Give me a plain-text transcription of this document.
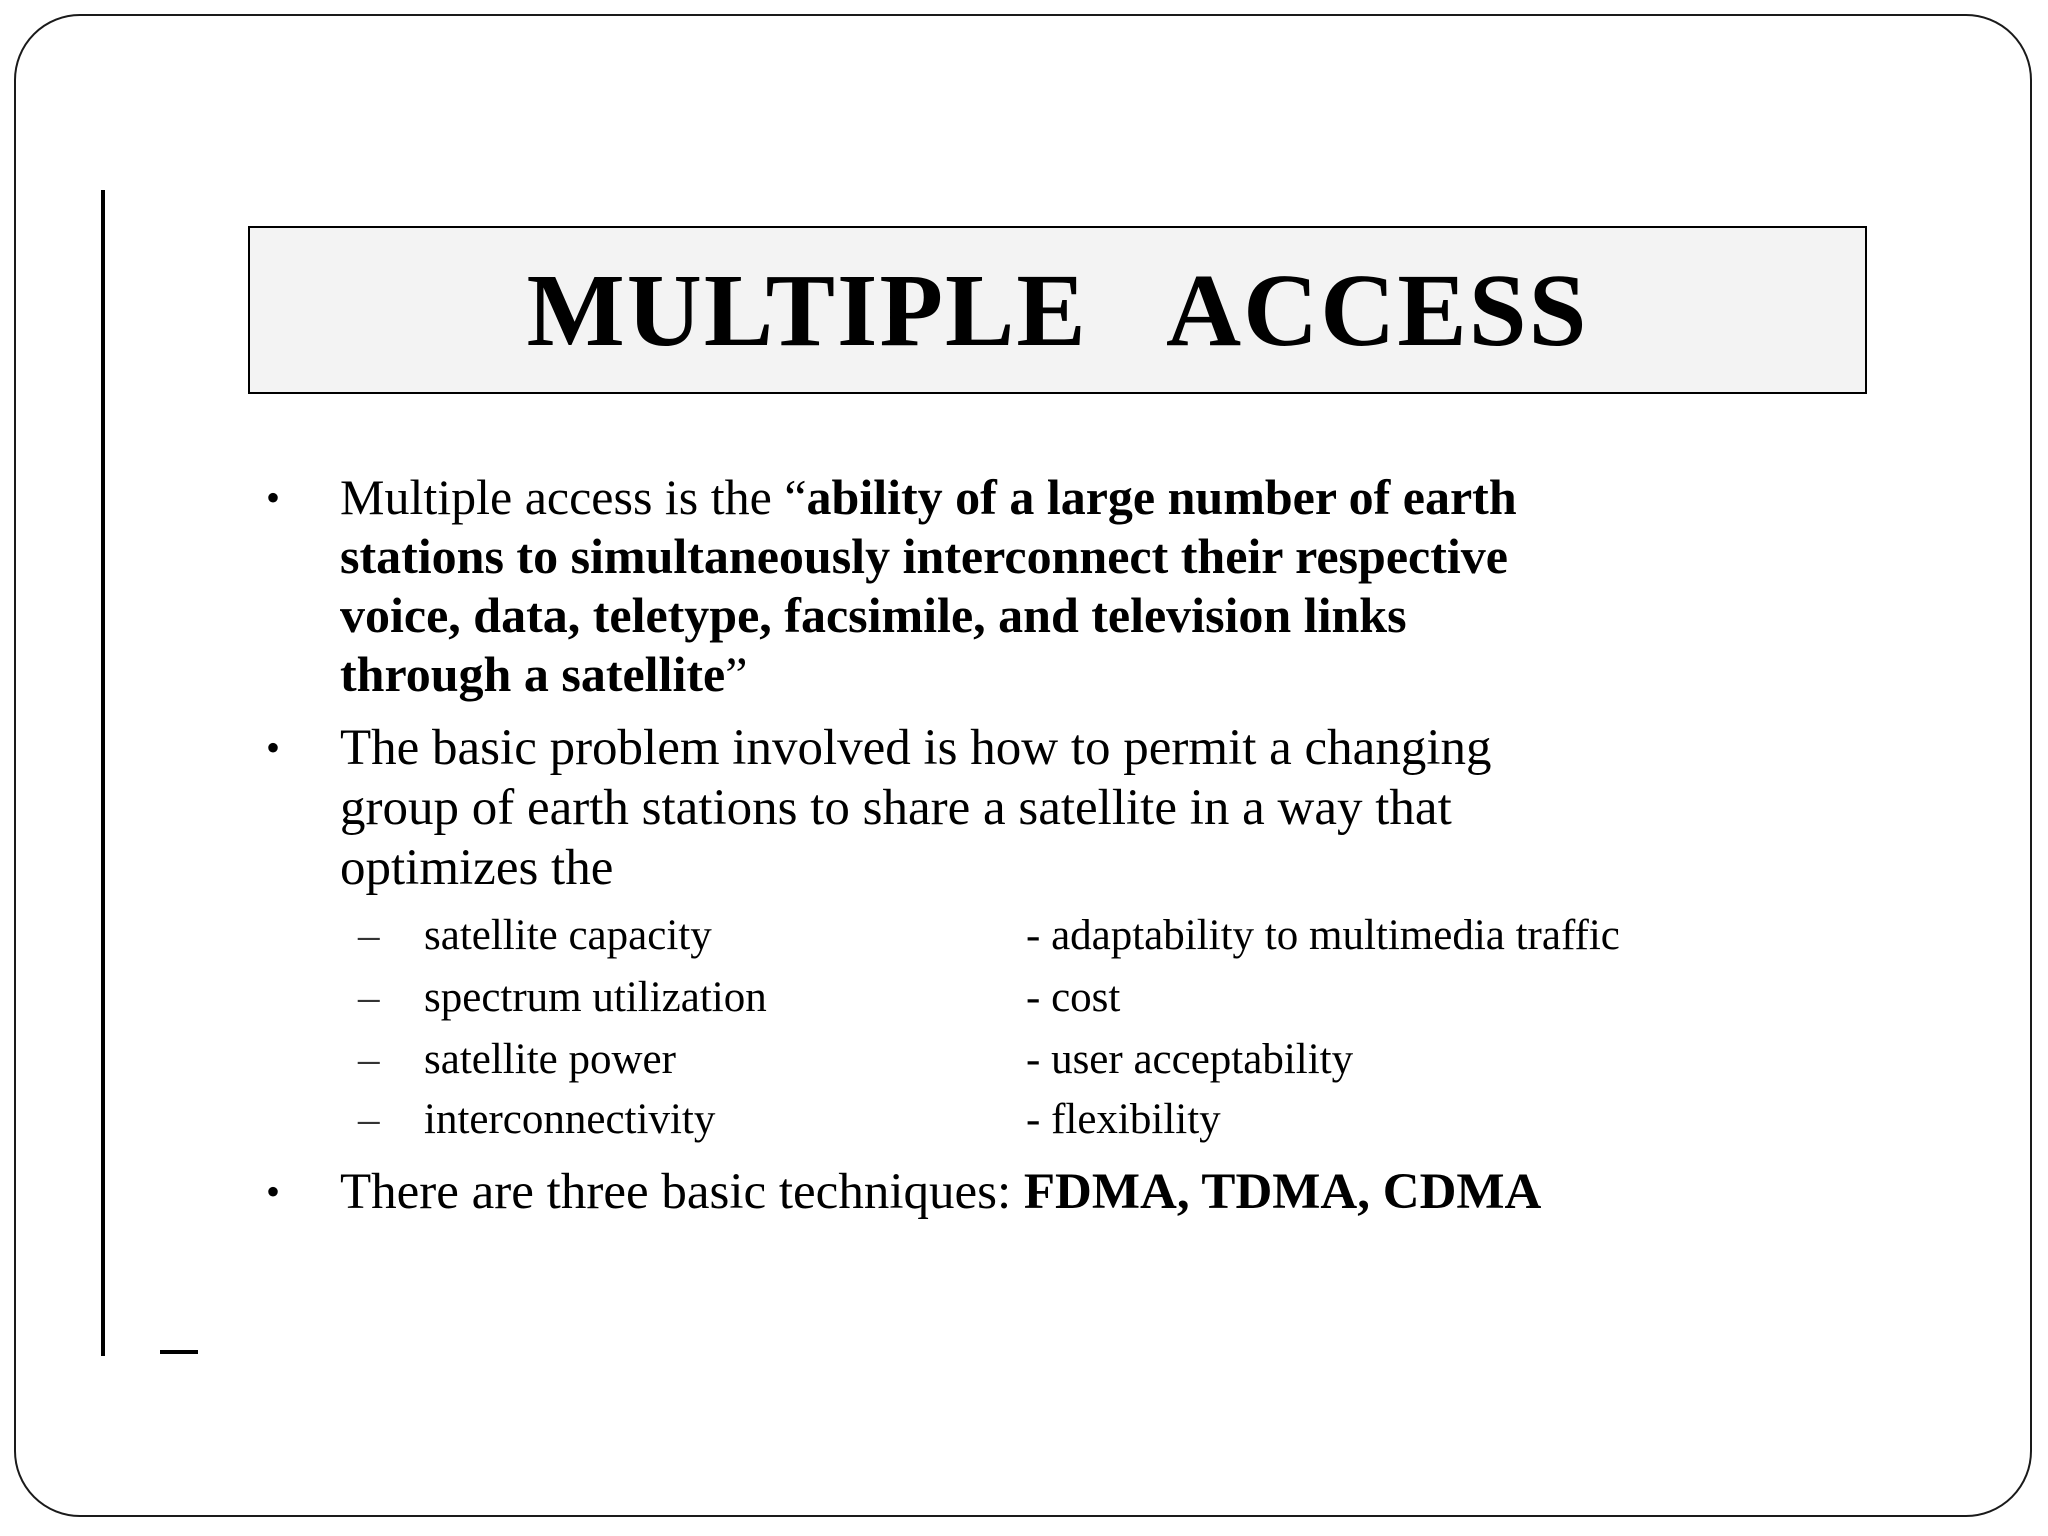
MULTIPLE   ACCESS
• Multiple access is the “ability of a large number of earth
stations to simultaneously interconnect their respective
voice, data, teletype, facsimile, and television links
through a satellite”
• The basic problem involved is how to permit a changing
group of earth stations to share a satellite in a way that
optimizes the
– satellite capacity	- adaptability to multimedia traffic
– spectrum utilization	- cost
– satellite power	- user acceptability
– interconnectivity	- flexibility
• There are three basic techniques: FDMA, TDMA, CDMA
